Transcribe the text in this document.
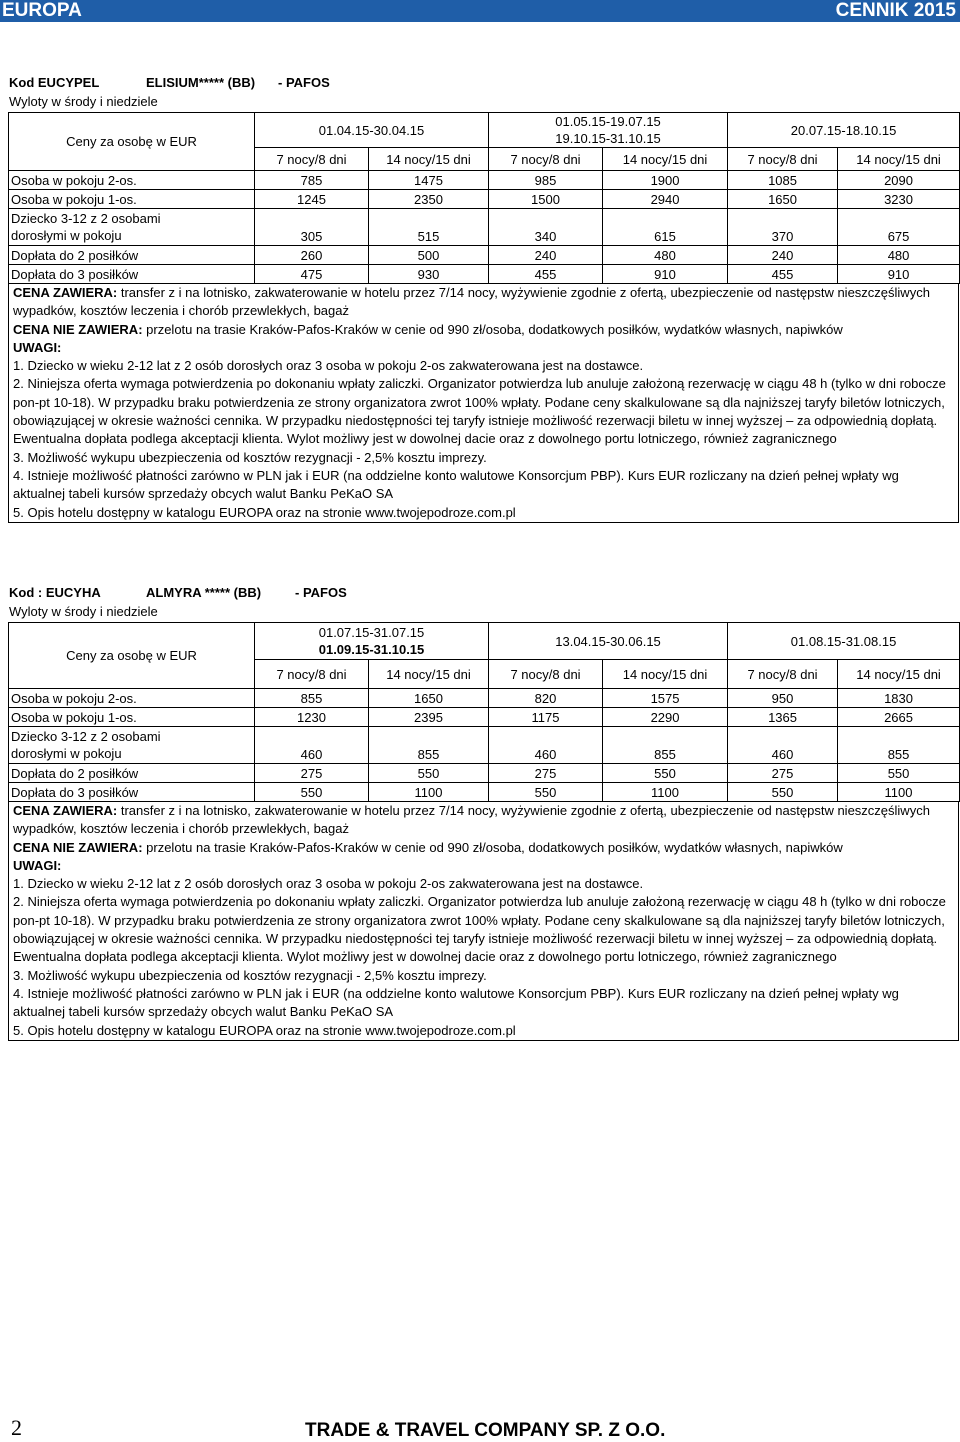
EUROPA	CENNIK 2015
Kod EUCYPEL	ELISIUM***** (BB) - PAFOS
Wyloty w środy i niedziele
Ceny za osobę w EUR	01.04.15-30.04.15		01.05.15-19.07.15
19.10.15-31.10.15		20.07.15-18.10.15	
	7 nocy/8 dni	14 nocy/15 dni	7 nocy/8 dni	14 nocy/15 dni	7 nocy/8 dni	14 nocy/15 dni
Osoba w pokoju 2-os.	785	1475	985	1900	1085	2090
Osoba w pokoju 1-os.	1245	2350	1500	2940	1650	3230
Dziecko 3-12 z 2 osobami
dorosłymi w pokoju	305	515	340	615	370	675
Dopłata do 2 posiłków	260	500	240	480	240	480
Dopłata do 3 posiłków	475	930	455	910	455	910

CENA ZAWIERA: transfer z i na lotnisko, zakwaterowanie w hotelu przez 7/14 nocy, wyżywienie zgodnie z ofertą, ubezpieczenie od następstw nieszczęśliwych wypadków, kosztów leczenia i chorób przewlekłych, bagaż

CENA NIE ZAWIERA: przelotu na trasie Kraków-Pafos-Kraków w cenie od 990 zł/osoba, dodatkowych posiłków, wydatków własnych, napiwków

UWAGI:

1. Dziecko w wieku 2-12 lat z 2 osób dorosłych oraz 3 osoba w pokoju 2-os zakwaterowana jest na dostawce.

2. Niniejsza oferta wymaga potwierdzenia po dokonaniu wpłaty zaliczki. Organizator potwierdza lub anuluje założoną rezerwację w ciągu 48 h (tylko w dni robocze pon-pt 10-18). W przypadku braku potwierdzenia ze strony organizatora zwrot 100% wpłaty. Podane ceny skalkulowane są dla najniższej taryfy biletów lotniczych, obowiązującej w okresie ważności cennika. W przypadku niedostępności tej taryfy istnieje możliwość rezerwacji biletu w innej wyższej – za odpowiednią dopłatą. Ewentualna dopłata podlega akceptacji klienta. Wylot możliwy jest w dowolnej dacie oraz z dowolnego portu lotniczego, również zagranicznego

3. Możliwość wykupu ubezpieczenia od kosztów rezygnacji - 2,5% kosztu imprezy.

4. Istnieje możliwość płatności zarówno w PLN jak i EUR (na oddzielne konto walutowe Konsorcjum PBP). Kurs EUR rozliczany na dzień pełnej wpłaty wg aktualnej tabeli kursów sprzedaży obcych walut Banku PeKaO SA

5. Opis hotelu dostępny w katalogu EUROPA oraz na stronie www.twojepodroze.com.pl

Kod : EUCYHA	ALMYRA ***** (BB)	- PAFOS
Wyloty w środy i niedziele
Ceny za osobę w EUR	01.07.15-31.07.15
01.09.15-31.10.15		13.04.15-30.06.15		01.08.15-31.08.15	
	7 nocy/8 dni	14 nocy/15 dni	7 nocy/8 dni	14 nocy/15 dni	7 nocy/8 dni	14 nocy/15 dni
Osoba w pokoju 2-os.	855	1650	820	1575	950	1830
Osoba w pokoju 1-os.	1230	2395	1175	2290	1365	2665
Dziecko 3-12 z 2 osobami
dorosłymi w pokoju	460	855	460	855	460	855
Dopłata do 2 posiłków	275	550	275	550	275	550
Dopłata do 3 posiłków	550	1100	550	1100	550	1100

CENA ZAWIERA: transfer z i na lotnisko, zakwaterowanie w hotelu przez 7/14 nocy, wyżywienie zgodnie z ofertą, ubezpieczenie od następstw nieszczęśliwych wypadków, kosztów leczenia i chorób przewlekłych, bagaż

CENA NIE ZAWIERA: przelotu na trasie Kraków-Pafos-Kraków w cenie od 990 zł/osoba, dodatkowych posiłków, wydatków własnych, napiwków

UWAGI:

1. Dziecko w wieku 2-12 lat z 2 osób dorosłych oraz 3 osoba w pokoju 2-os zakwaterowana jest na dostawce.

2. Niniejsza oferta wymaga potwierdzenia po dokonaniu wpłaty zaliczki. Organizator potwierdza lub anuluje założoną rezerwację w ciągu 48 h (tylko w dni robocze pon-pt 10-18). W przypadku braku potwierdzenia ze strony organizatora zwrot 100% wpłaty. Podane ceny skalkulowane są dla najniższej taryfy biletów lotniczych, obowiązującej w okresie ważności cennika. W przypadku niedostępności tej taryfy istnieje możliwość rezerwacji biletu w innej wyższej – za odpowiednią dopłatą. Ewentualna dopłata podlega akceptacji klienta. Wylot możliwy jest w dowolnej dacie oraz z dowolnego portu lotniczego, również zagranicznego

3. Możliwość wykupu ubezpieczenia od kosztów rezygnacji - 2,5% kosztu imprezy.

4. Istnieje możliwość płatności zarówno w PLN jak i EUR (na oddzielne konto walutowe Konsorcjum PBP). Kurs EUR rozliczany na dzień pełnej wpłaty wg aktualnej tabeli kursów sprzedaży obcych walut Banku PeKaO SA

5. Opis hotelu dostępny w katalogu EUROPA oraz na stronie www.twojepodroze.com.pl

2	TRADE & TRAVEL COMPANY SP. Z O.O.
